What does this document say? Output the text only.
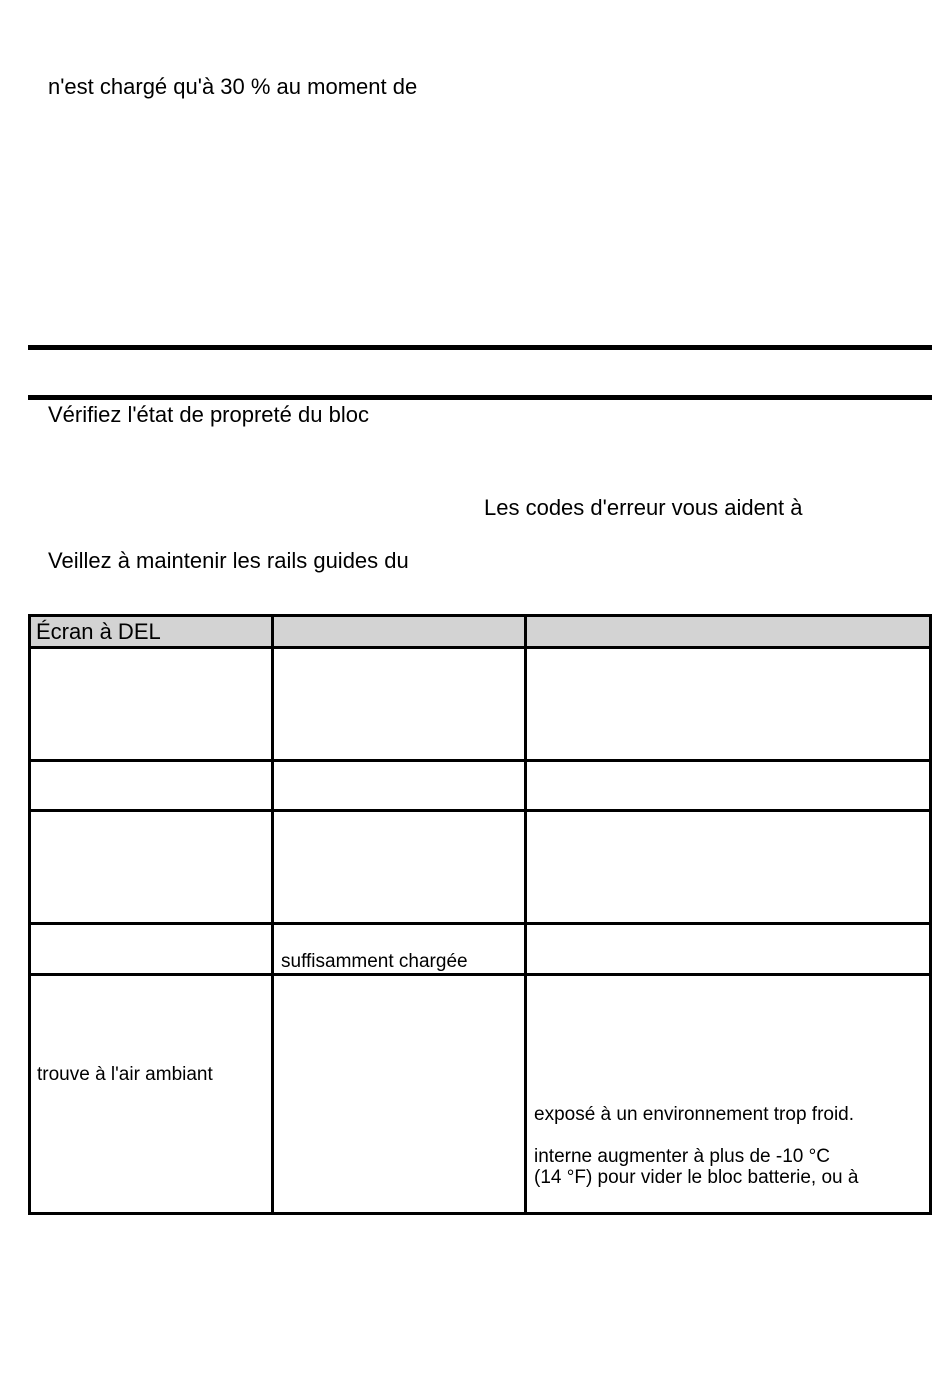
n'est chargé qu'à 30 % au moment de
Vérifiez l'état de propreté du bloc
Les codes d'erreur vous aident à
Veillez à maintenir les rails guides du
Écran à DEL
suffisamment chargée
trouve à l'air ambiant
exposé à un environnement trop froid.
interne augmenter à plus de -10 °C
(14 °F) pour vider le bloc batterie, ou à
